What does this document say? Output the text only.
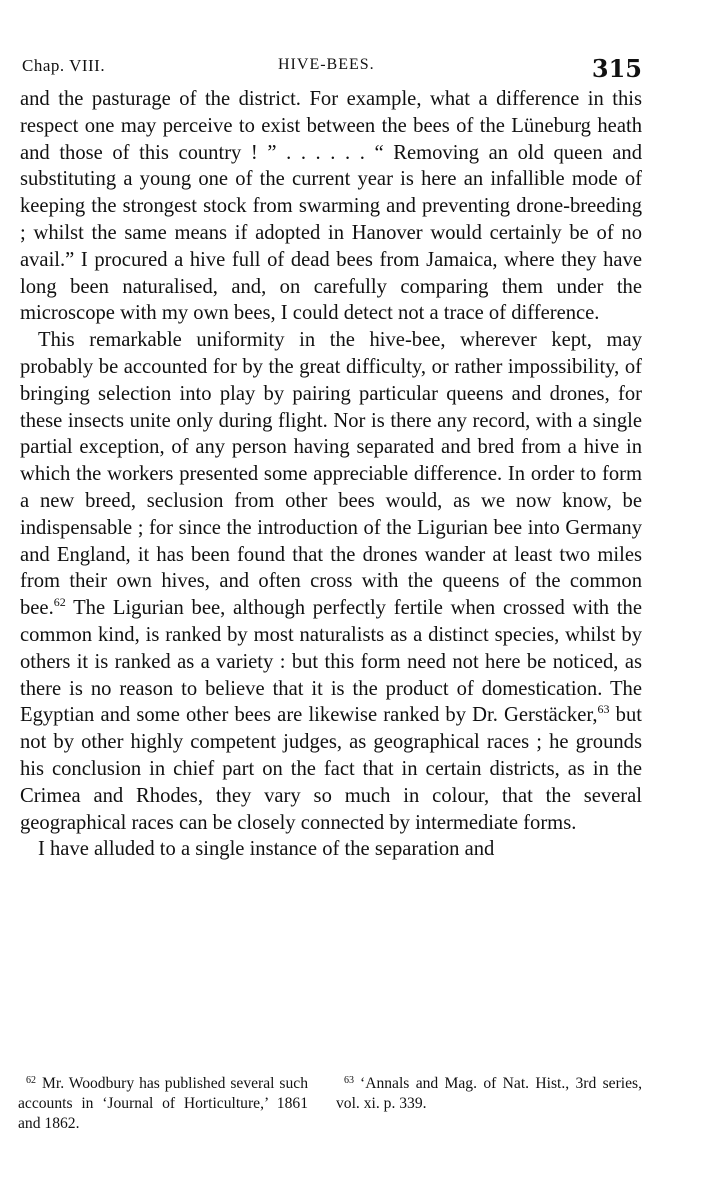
Chap. VIII.	HIVE-BEES.	315

and the pasturage of the district. For example, what a difference in this respect one may perceive to exist between the bees of the Lüneburg heath and those of this country ! ” . . . . . . “ Removing an old queen and substituting a young one of the current year is here an infallible mode of keeping the strongest stock from swarming and preventing drone-breeding ; whilst the same means if adopted in Hanover would certainly be of no avail.” I procured a hive full of dead bees from Jamaica, where they have long been naturalised, and, on carefully comparing them under the microscope with my own bees, I could detect not a trace of difference.

This remarkable uniformity in the hive-bee, wherever kept, may probably be accounted for by the great difficulty, or rather impossibility, of bringing selection into play by pairing particular queens and drones, for these insects unite only during flight. Nor is there any record, with a single partial exception, of any person having separated and bred from a hive in which the workers presented some appreciable difference. In order to form a new breed, seclusion from other bees would, as we now know, be indispensable ; for since the introduction of the Ligurian bee into Germany and England, it has been found that the drones wander at least two miles from their own hives, and often cross with the queens of the common bee.$^{62}$ The Ligurian bee, although perfectly fertile when crossed with the common kind, is ranked by most naturalists as a distinct species, whilst by others it is ranked as a variety : but this form need not here be noticed, as there is no reason to believe that it is the product of domestication. The Egyptian and some other bees are likewise ranked by Dr. Gerstäcker,$^{63}$ but not by other highly competent judges, as geographical races ; he grounds his conclusion in chief part on the fact that in certain districts, as in the Crimea and Rhodes, they vary so much in colour, that the several geographical races can be closely connected by intermediate forms.

I have alluded to a single instance of the separation and

$^{62}$ Mr. Woodbury has published several such accounts in ‘Journal of Horticulture,’ 1861 and 1862.
$^{63}$ ‘Annals and Mag. of Nat. Hist., 3rd series, vol. xi. p. 339.
